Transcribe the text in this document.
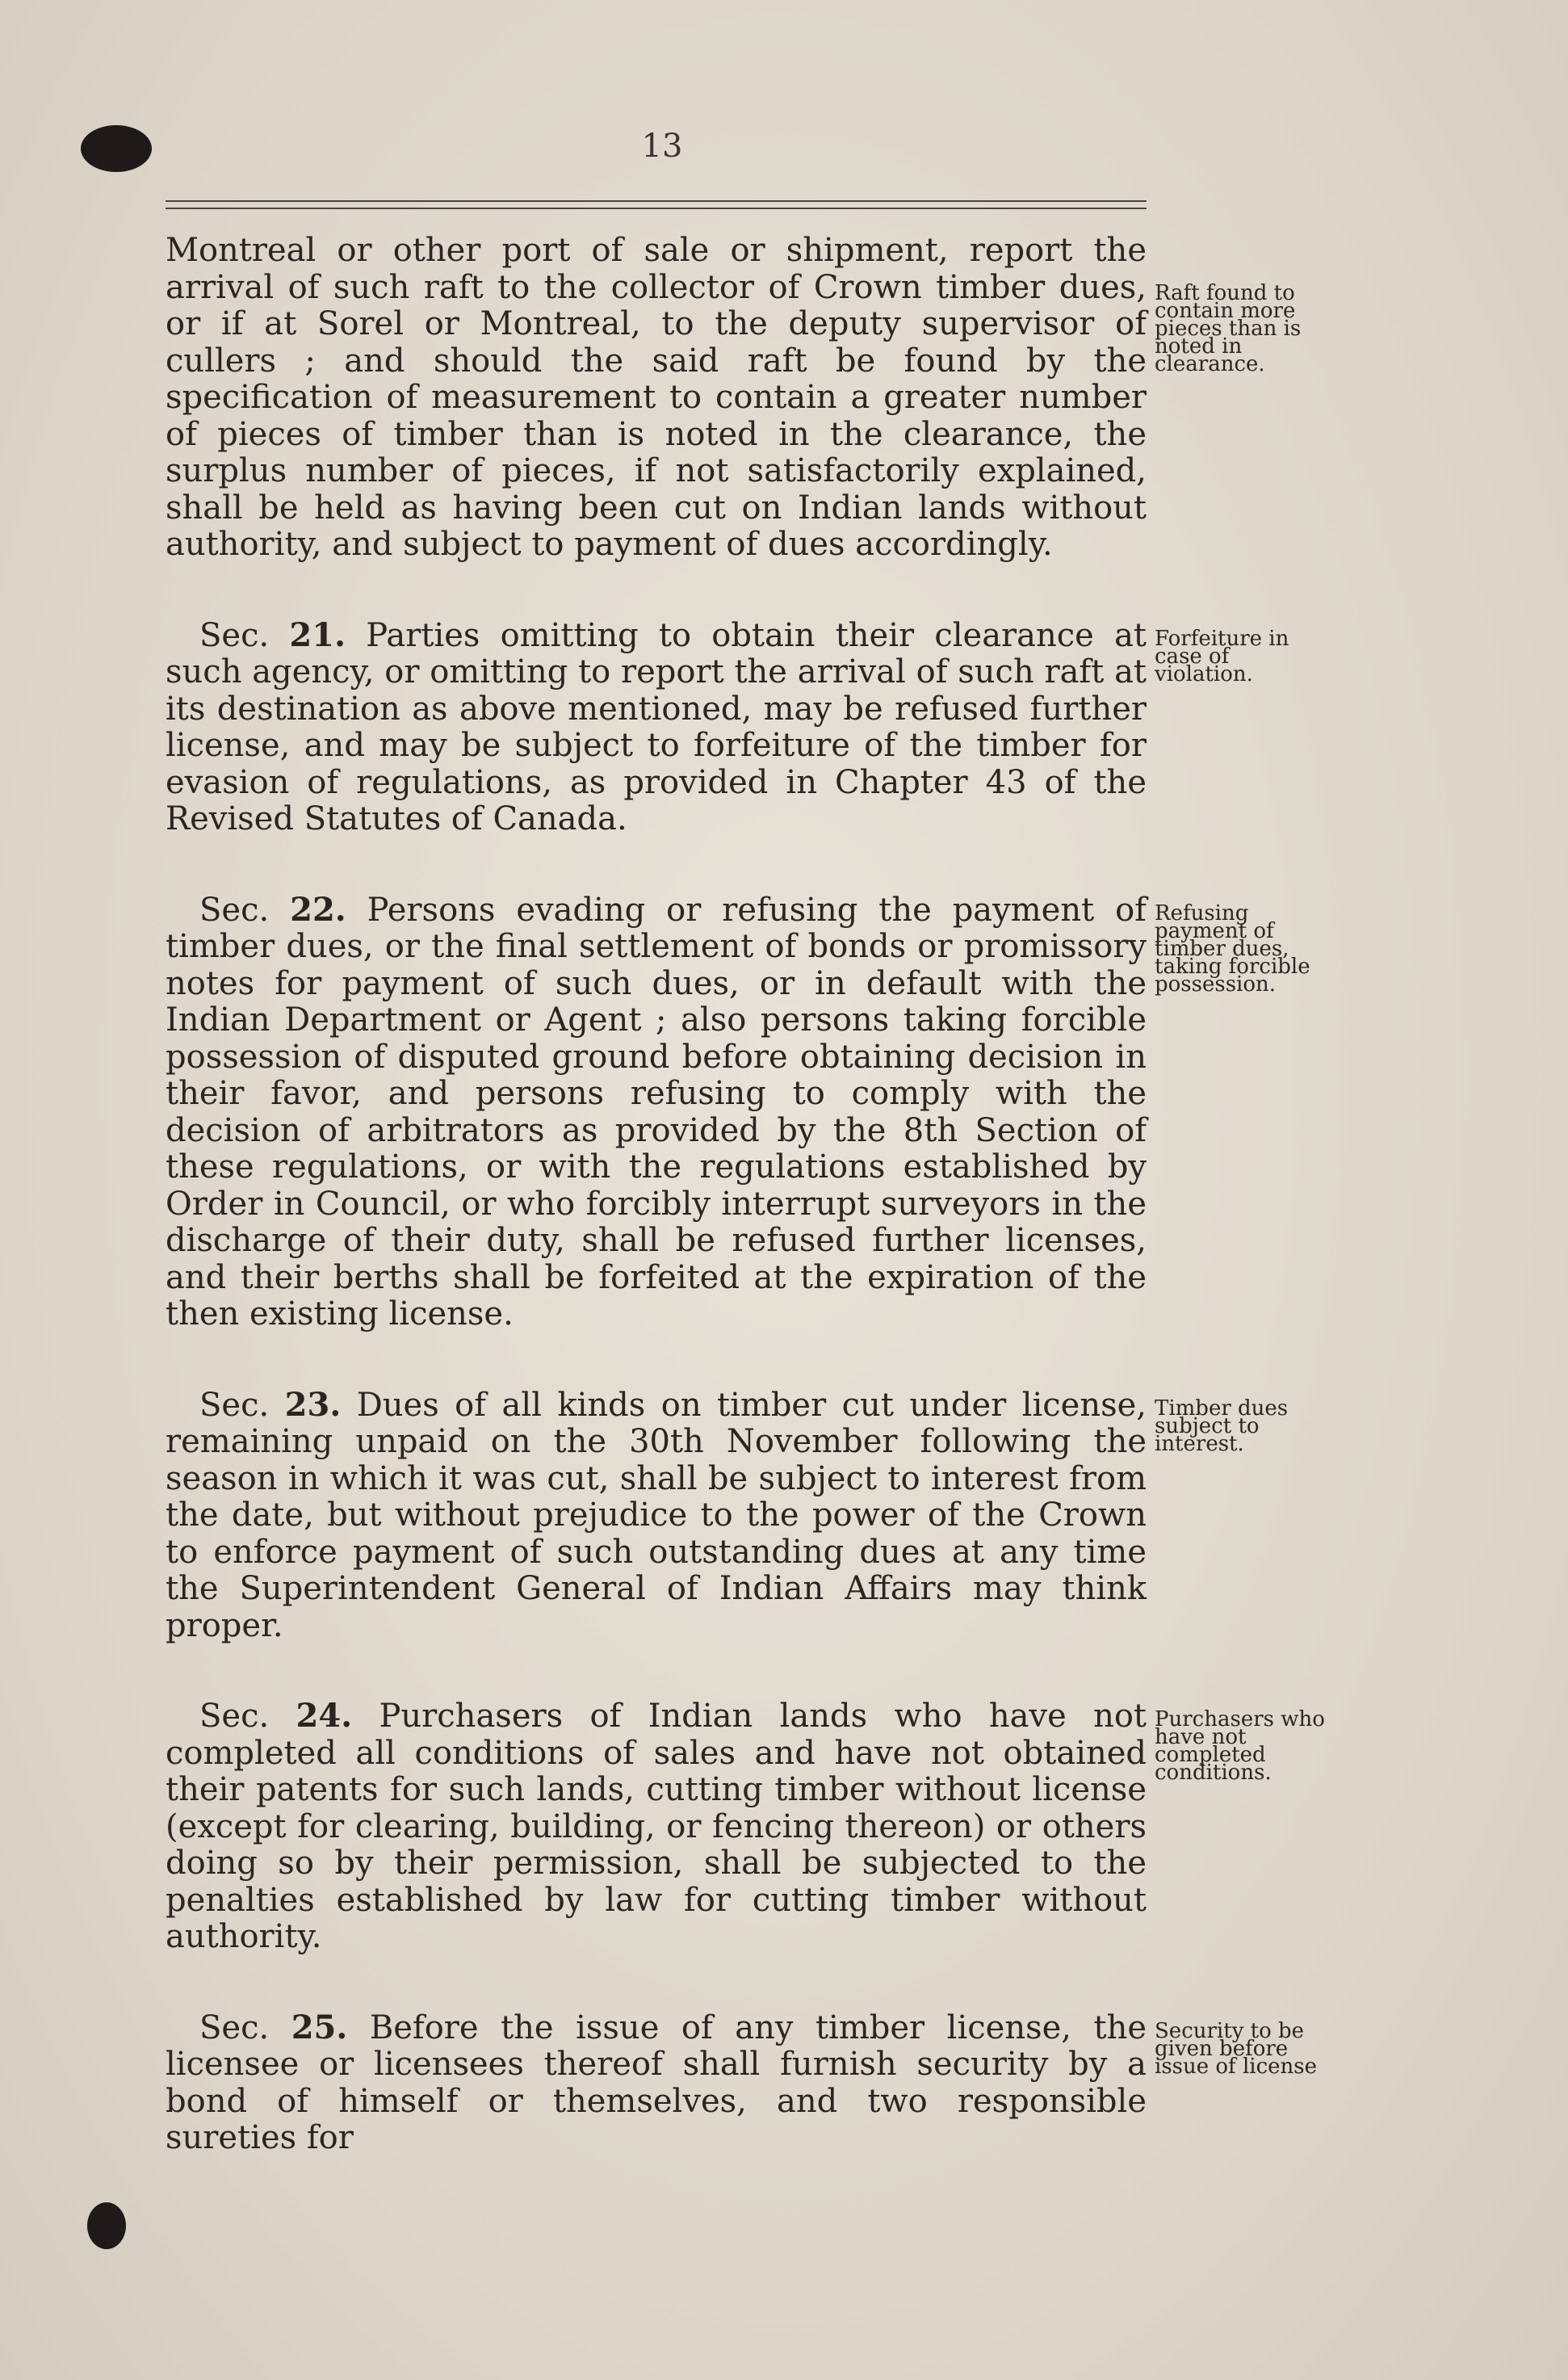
13

Montreal or other port of sale or shipment, report the arrival of such raft to the collector of Crown timber dues, or if at Sorel or Montreal, to the deputy supervisor of cullers ; and should the said raft be found by the specification of measurement to contain a greater number of pieces of timber than is noted in the clearance, the surplus number of pieces, if not satisfactorily explained, shall be held as having been cut on Indian lands without authority, and subject to payment of dues accordingly.

Raft found to contain more pieces than is noted in clearance.

Sec. 21. Parties omitting to obtain their clearance at such agency, or omitting to report the arrival of such raft at its destination as above mentioned, may be refused further license, and may be subject to forfeiture of the timber for evasion of regulations, as provided in Chapter 43 of the Revised Statutes of Canada.

Forfeiture in case of violation.

Sec. 22. Persons evading or refusing the payment of timber dues, or the final settlement of bonds or promissory notes for payment of such dues, or in default with the Indian Department or Agent ; also persons taking forcible possession of disputed ground before obtaining decision in their favor, and persons refusing to comply with the decision of arbitrators as provided by the 8th Section of these regulations, or with the regulations established by Order in Council, or who forcibly interrupt surveyors in the discharge of their duty, shall be refused further licenses, and their berths shall be forfeited at the expiration of the then existing license.

Refusing payment of timber dues, taking forcible possession.

Sec. 23. Dues of all kinds on timber cut under license, remaining unpaid on the 30th November following the season in which it was cut, shall be subject to interest from the date, but without prejudice to the power of the Crown to enforce payment of such outstanding dues at any time the Superintendent General of Indian Affairs may think proper.

Timber dues subject to interest.

Sec. 24. Purchasers of Indian lands who have not completed all conditions of sales and have not obtained their patents for such lands, cutting timber without license (except for clearing, building, or fencing thereon) or others doing so by their permission, shall be subjected to the penalties established by law for cutting timber without authority.

Purchasers who have not completed conditions.

Sec. 25. Before the issue of any timber license, the licensee or licensees thereof shall furnish security by a bond of himself or themselves, and two responsible sureties for

Security to be given before issue of license
